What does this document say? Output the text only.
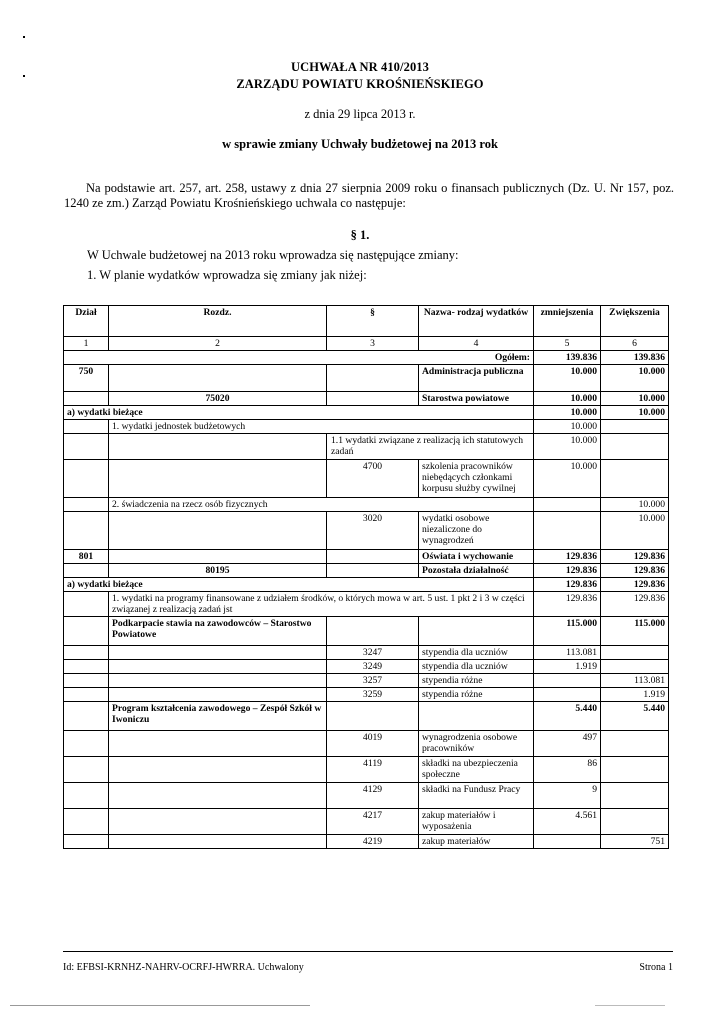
UCHWAŁA NR 410/2013
ZARZĄDU POWIATU KROŚNIEŃSKIEGO
z dnia 29 lipca 2013 r.
w sprawie zmiany Uchwały budżetowej na 2013 rok
Na podstawie art. 257, art. 258, ustawy z dnia 27 sierpnia 2009 roku o finansach publicznych (Dz. U. Nr 157, poz. 1240 ze zm.) Zarząd Powiatu Krośnieńskiego uchwala co następuje:
§ 1.
W Uchwale budżetowej na 2013 roku wprowadza się następujące zmiany:
1. W planie wydatków wprowadza się zmiany jak niżej:
Dział	Rozdz.	§	Nazwa- rodzaj wydatków	zmniejszenia	Zwiększenia
1	2	3	4	5	6
Ogółem:				139.836	139.836
750			Administracja publiczna	10.000	10.000
	75020		Starostwa powiatowe	10.000	10.000
a) wydatki bieżące				10.000	10.000
	1. wydatki jednostek budżetowych			10.000	
		1.1 wydatki związane z realizacją ich statutowych zadań		10.000	
		4700	szkolenia pracowników niebędących członkami korpusu służby cywilnej	10.000	
	2. świadczenia na rzecz osób fizycznych				10.000
		3020	wydatki osobowe niezaliczone do wynagrodzeń		10.000
801			Oświata i wychowanie	129.836	129.836
	80195		Pozostała działalność	129.836	129.836
a) wydatki bieżące				129.836	129.836
	1. wydatki na programy finansowane z udziałem środków, o których mowa w art. 5 ust. 1 pkt 2 i 3 w części związanej z realizacją zadań jst			129.836	129.836
	Podkarpacie stawia na zawodowców – Starostwo Powiatowe			115.000	115.000
		3247	stypendia dla uczniów	113.081	
		3249	stypendia dla uczniów	1.919	
		3257	stypendia różne		113.081
		3259	stypendia różne		1.919
	Program kształcenia zawodowego – Zespół Szkół w Iwoniczu			5.440	5.440
		4019	wynagrodzenia osobowe pracowników	497	
		4119	składki na ubezpieczenia społeczne	86	
		4129	składki na Fundusz Pracy	9	
		4217	zakup materiałów i wyposażenia	4.561	
		4219	zakup materiałów		751
Id: EFBSI-KRNHZ-NAHRV-OCRFJ-HWRRA. Uchwalony	Strona 1
